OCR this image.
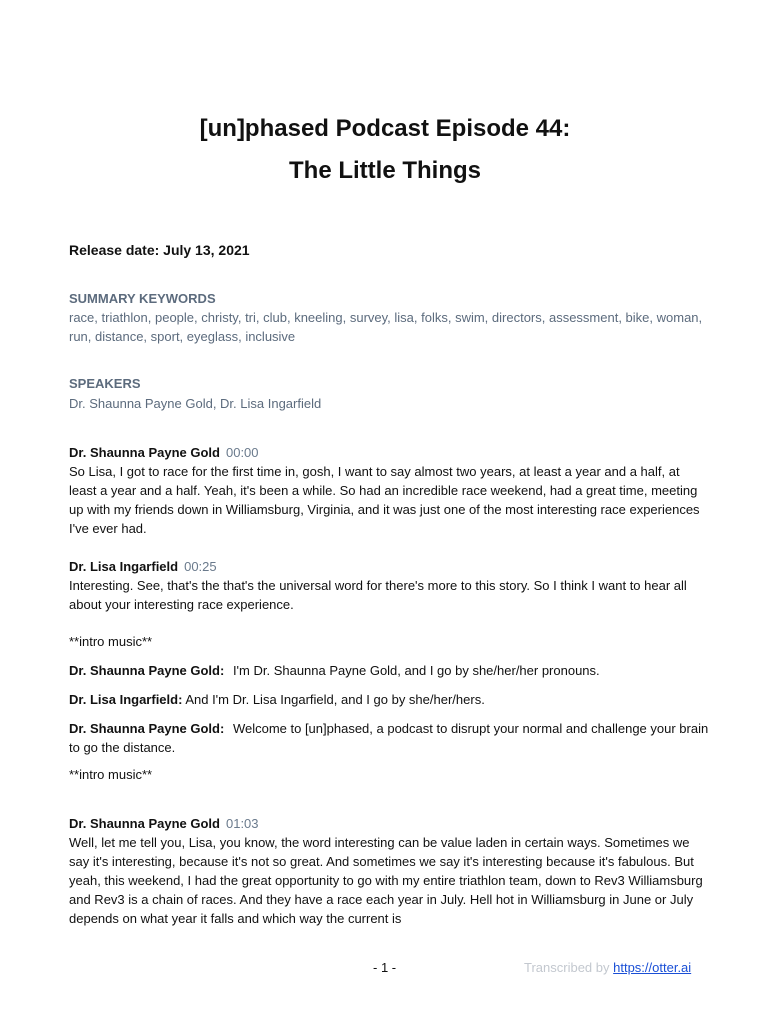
[un]phased Podcast Episode 44:
The Little Things
Release date: July 13, 2021
SUMMARY KEYWORDS
race, triathlon, people, christy, tri, club, kneeling, survey, lisa, folks, swim, directors, assessment, bike, woman, run, distance, sport, eyeglass, inclusive
SPEAKERS
Dr. Shaunna Payne Gold, Dr. Lisa Ingarfield
Dr. Shaunna Payne Gold 00:00
So Lisa, I got to race for the first time in, gosh, I want to say almost two years, at least a year and a half, at least a year and a half. Yeah, it's been a while. So had an incredible race weekend, had a great time, meeting up with my friends down in Williamsburg, Virginia, and it was just one of the most interesting race experiences I've ever had.
Dr. Lisa Ingarfield 00:25
Interesting. See, that's the that's the universal word for there's more to this story. So I think I want to hear all about your interesting race experience.
**intro music**
Dr. Shaunna Payne Gold: I'm Dr. Shaunna Payne Gold, and I go by she/her/her pronouns.
Dr. Lisa Ingarfield: And I'm Dr. Lisa Ingarfield, and I go by she/her/hers.
Dr. Shaunna Payne Gold: Welcome to [un]phased, a podcast to disrupt your normal and challenge your brain to go the distance.
**intro music**
Dr. Shaunna Payne Gold 01:03
Well, let me tell you, Lisa, you know, the word interesting can be value laden in certain ways. Sometimes we say it's interesting, because it's not so great. And sometimes we say it's interesting because it's fabulous. But yeah, this weekend, I had the great opportunity to go with my entire triathlon team, down to Rev3 Williamsburg and Rev3 is a chain of races. And they have a race each year in July. Hell hot in Williamsburg in June or July depends on what year it falls and which way the current is
- 1 -	Transcribed by https://otter.ai
